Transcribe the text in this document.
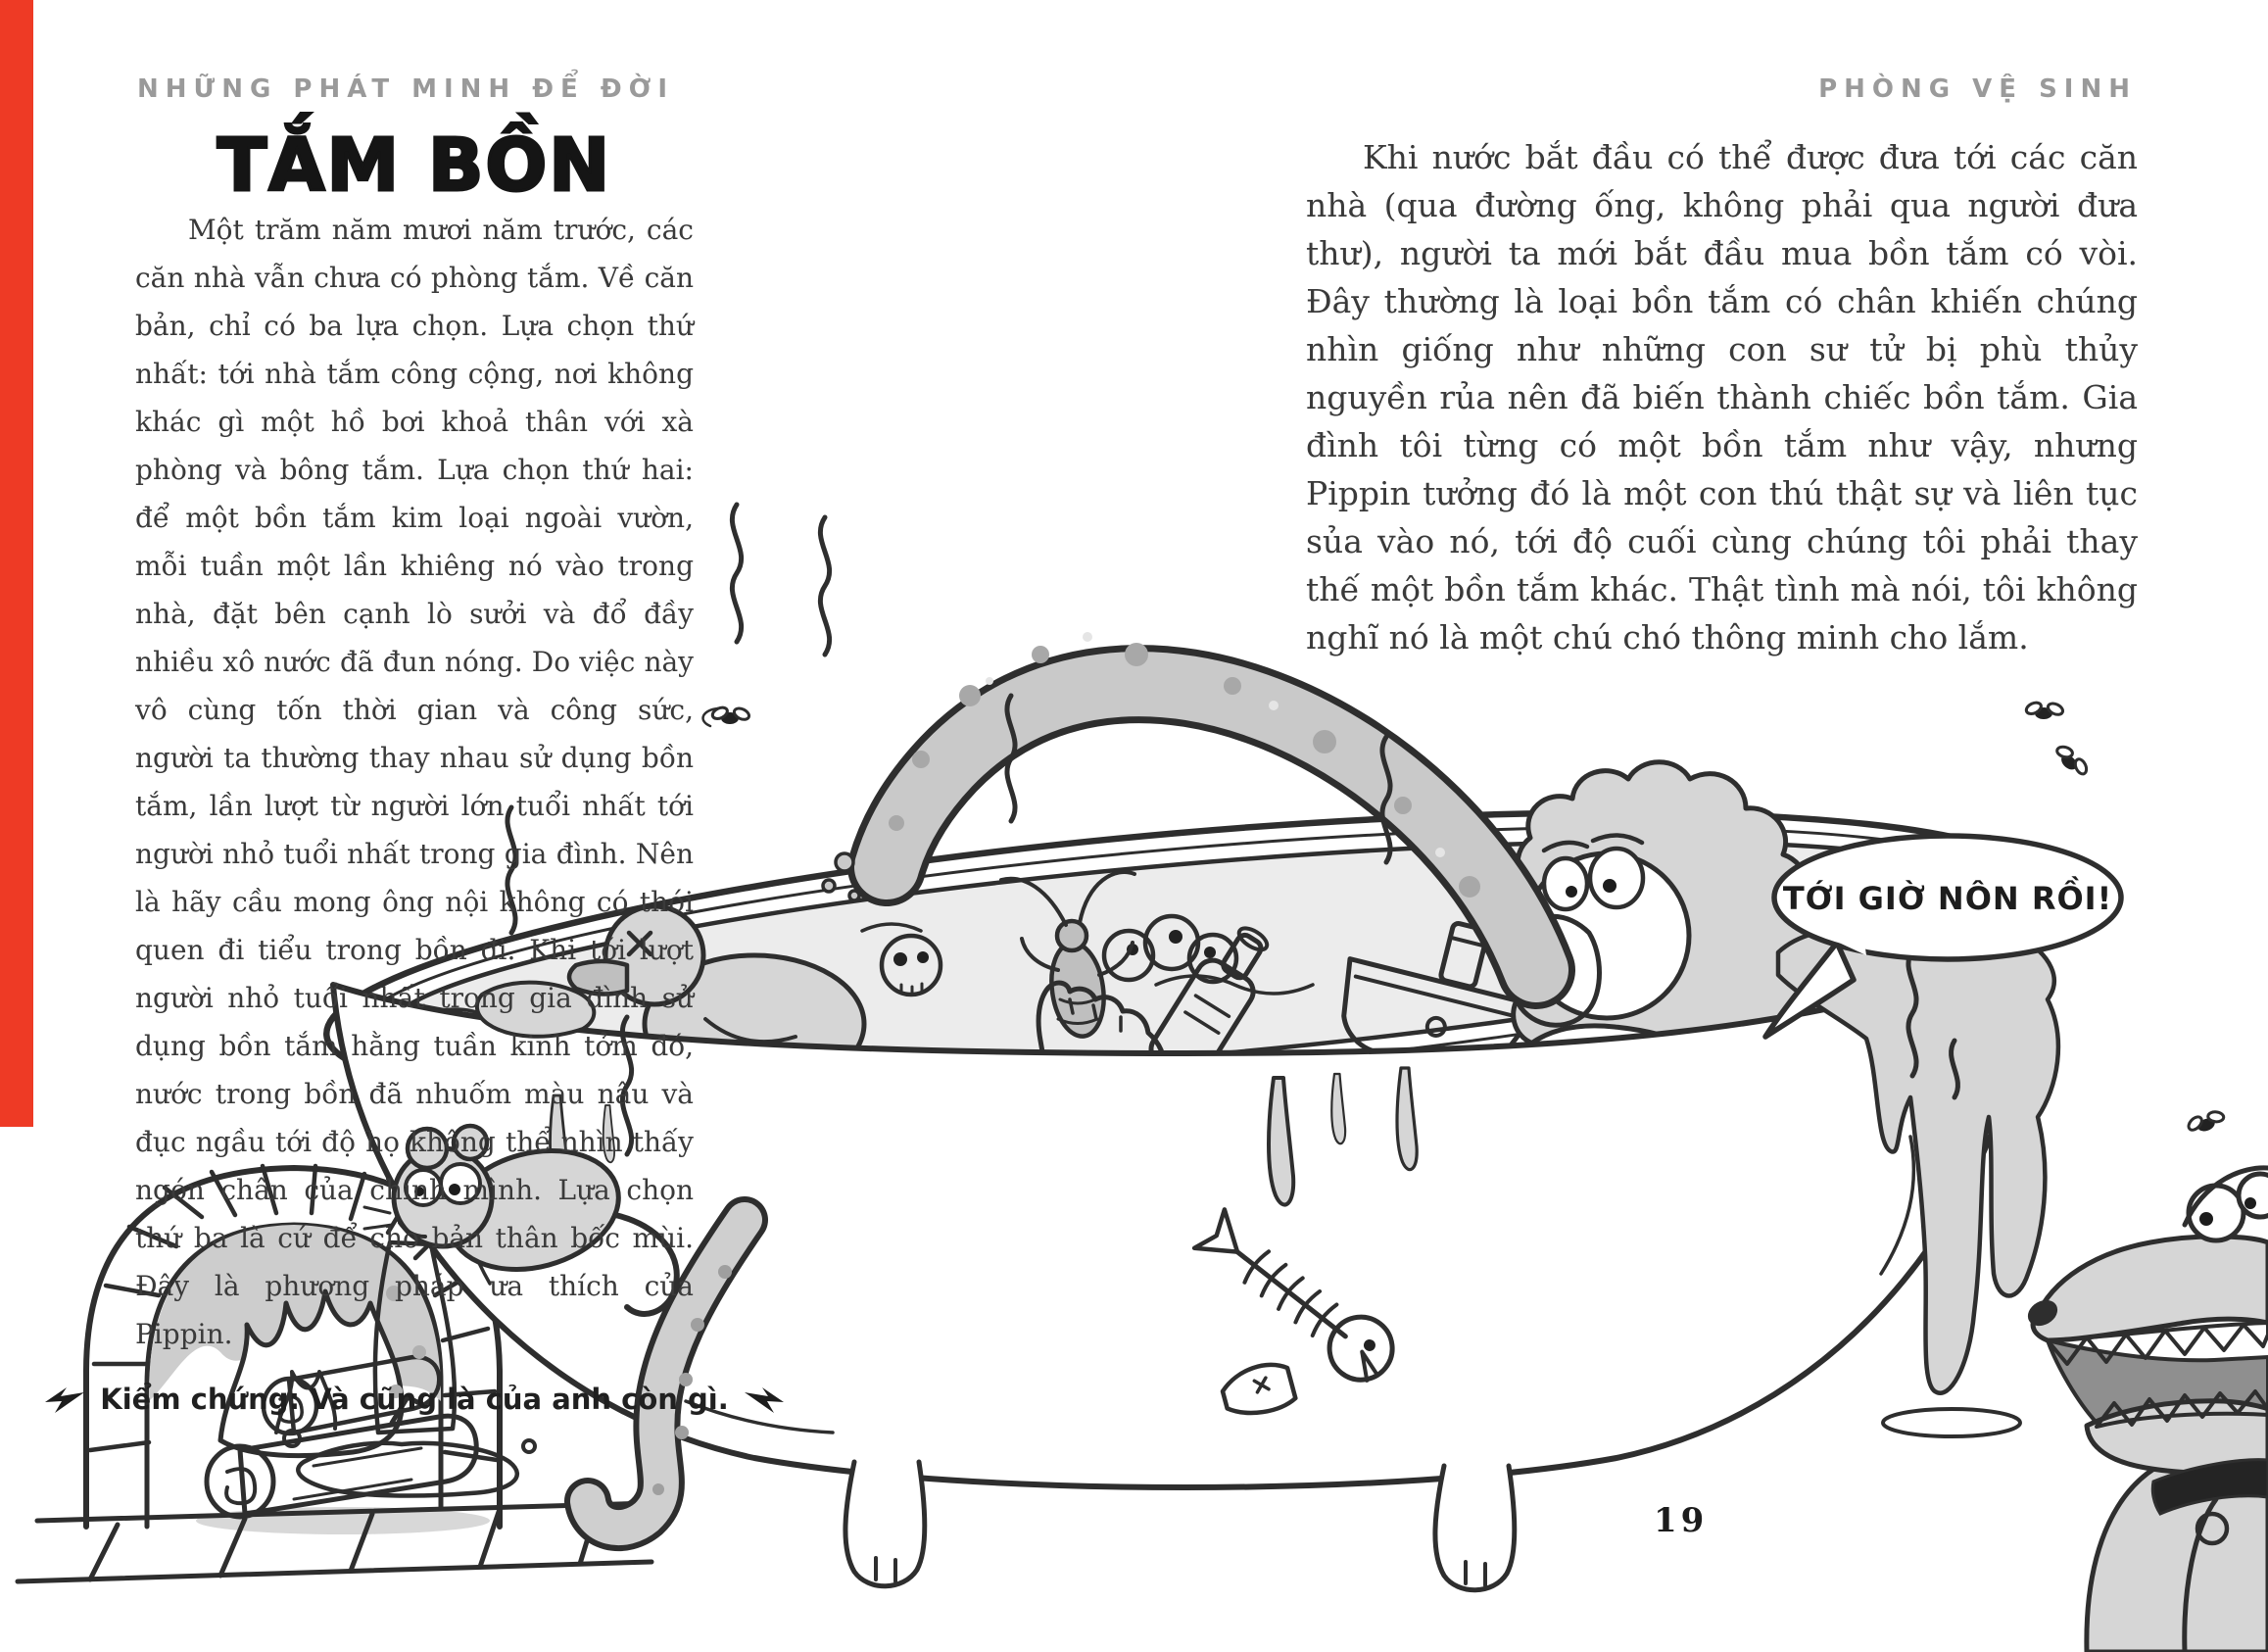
NHỮNG PHÁT MINH ĐỂ ĐỜI	PHÒNG VỆ SINH
TẮM BỒN
TỚI GIỜ NÔN RỒI!

Một trăm năm mươi năm trước, các căn nhà vẫn chưa có phòng tắm. Về căn bản, chỉ có ba lựa chọn. Lựa chọn thứ nhất: tới nhà tắm công cộng, nơi không khác gì một hồ bơi khoả thân với xà phòng và bông tắm. Lựa chọn thứ hai: để một bồn tắm kim loại ngoài vườn, mỗi tuần một lần khiêng nó vào trong nhà, đặt bên cạnh lò sưởi và đổ đầy nhiều xô nước đã đun nóng. Do việc này vô cùng tốn thời gian và công sức, người ta thường thay nhau sử dụng bồn tắm, lần lượt từ người lớn tuổi nhất tới người nhỏ tuổi nhất trong gia đình. Nên là hãy cầu mong ông nội không có thói quen đi tiểu trong bồn đi. Khi tới lượt người nhỏ tuổi nhất trong gia đình sử dụng bồn tắm hằng tuần kinh tởm đó, nước trong bồn đã nhuốm màu nâu và đục ngầu tới độ họ không thể nhìn thấy ngón chân của chính mình. Lựa chọn thứ ba là cứ để cho bản thân bốc mùi. Đây là phương pháp ưa thích của Pippin.

Kiểm chứng: Và cũng là của anh còn gì.

Khi nước bắt đầu có thể được đưa tới các căn nhà (qua đường ống, không phải qua người đưa thư), người ta mới bắt đầu mua bồn tắm có vòi. Đây thường là loại bồn tắm có chân khiến chúng nhìn giống như những con sư tử bị phù thủy nguyền rủa nên đã biến thành chiếc bồn tắm. Gia đình tôi từng có một bồn tắm như vậy, nhưng Pippin tưởng đó là một con thú thật sự và liên tục sủa vào nó, tới độ cuối cùng chúng tôi phải thay thế một bồn tắm khác. Thật tình mà nói, tôi không nghĩ nó là một chú chó thông minh cho lắm.

19
